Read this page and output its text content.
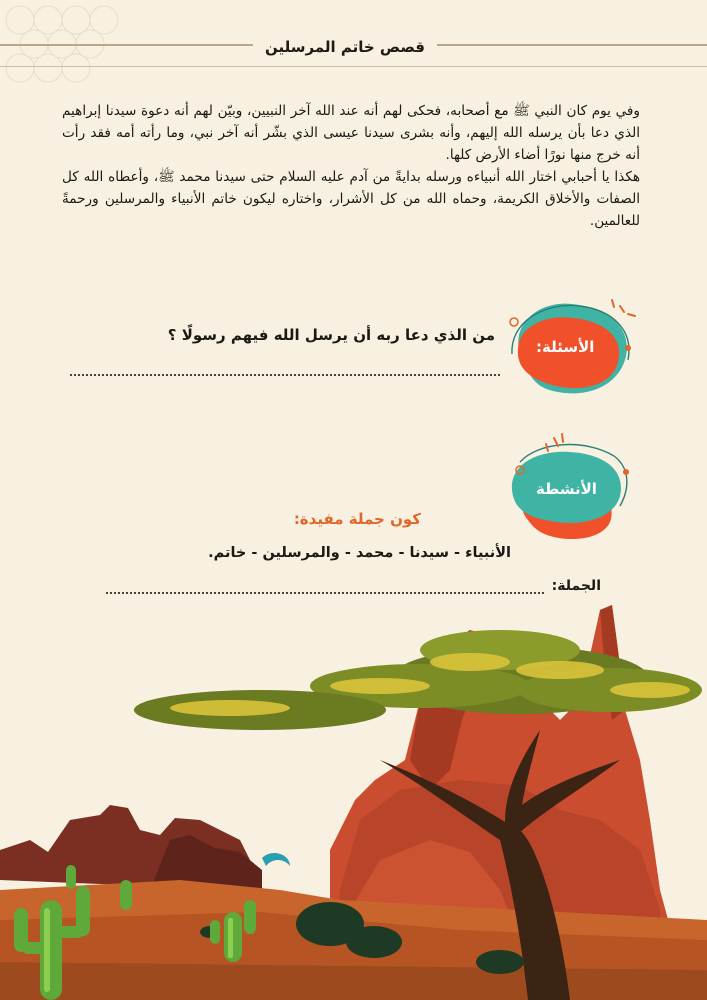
قصص خاتم المرسلين

وفي يوم كان النبي ﷺ مع أصحابه، فحكى لهم أنه عند الله آخر النبيين، وبيّن لهم أنه دعوة سيدنا إبراهيم الذي دعا بأن يرسله الله إليهم، وأنه بشرى سيدنا عيسى الذي بشّر أنه آخر نبي، وما رأته أمه فقد رأت أنه خرج منها نورًا أضاء الأرض كلها.

هكذا يا أحبابي اختار الله أنبياءه ورسله بدايةً من آدم عليه السلام حتى سيدنا محمد ﷺ، وأعطاه الله كل الصفات والأخلاق الكريمة، وحماه الله من كل الأشرار، واختاره ليكون خاتم الأنبياء والمرسلين ورحمةً للعالمين.

الأسئلة:
من الذي دعا ربه أن يرسل الله فيهم رسولًا ؟
الأنشطة
كون جملة مفيدة:
الأنبياء - سيدنا - محمد - والمرسلين - خاتم.
الجملة:
